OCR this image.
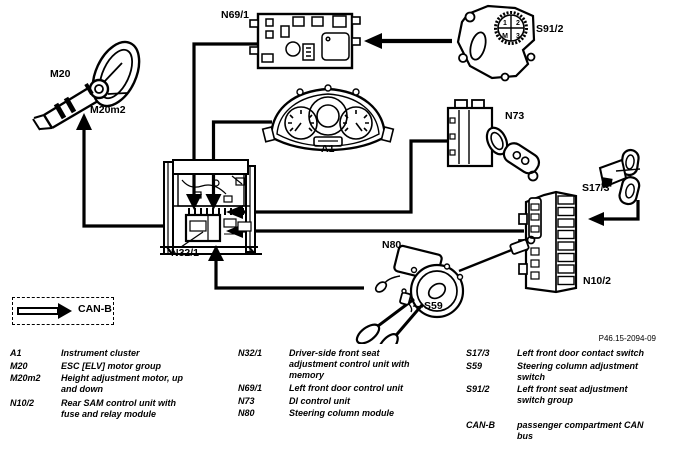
1 2
M 3
M20
M20m2
N69/1
S91/2
A1
N73
S17/3
N10/2
N32/1
N80
S59
CAN-B
P46.15-2094-09
A1	Instrument cluster
M20	ESC [ELV] motor group
M20m2	Height adjustment motor, up and down
N10/2	Rear SAM control unit with fuse and relay module
N32/1	Driver-side front seat adjustment control unit with memory
N69/1	Left front door control unit
N73	DI control unit
N80	Steering column module
S17/3	Left front door contact switch
S59	Steering column adjustment switch
S91/2	Left front seat adjustment switch group
CAN-B	passenger compartment CAN bus
